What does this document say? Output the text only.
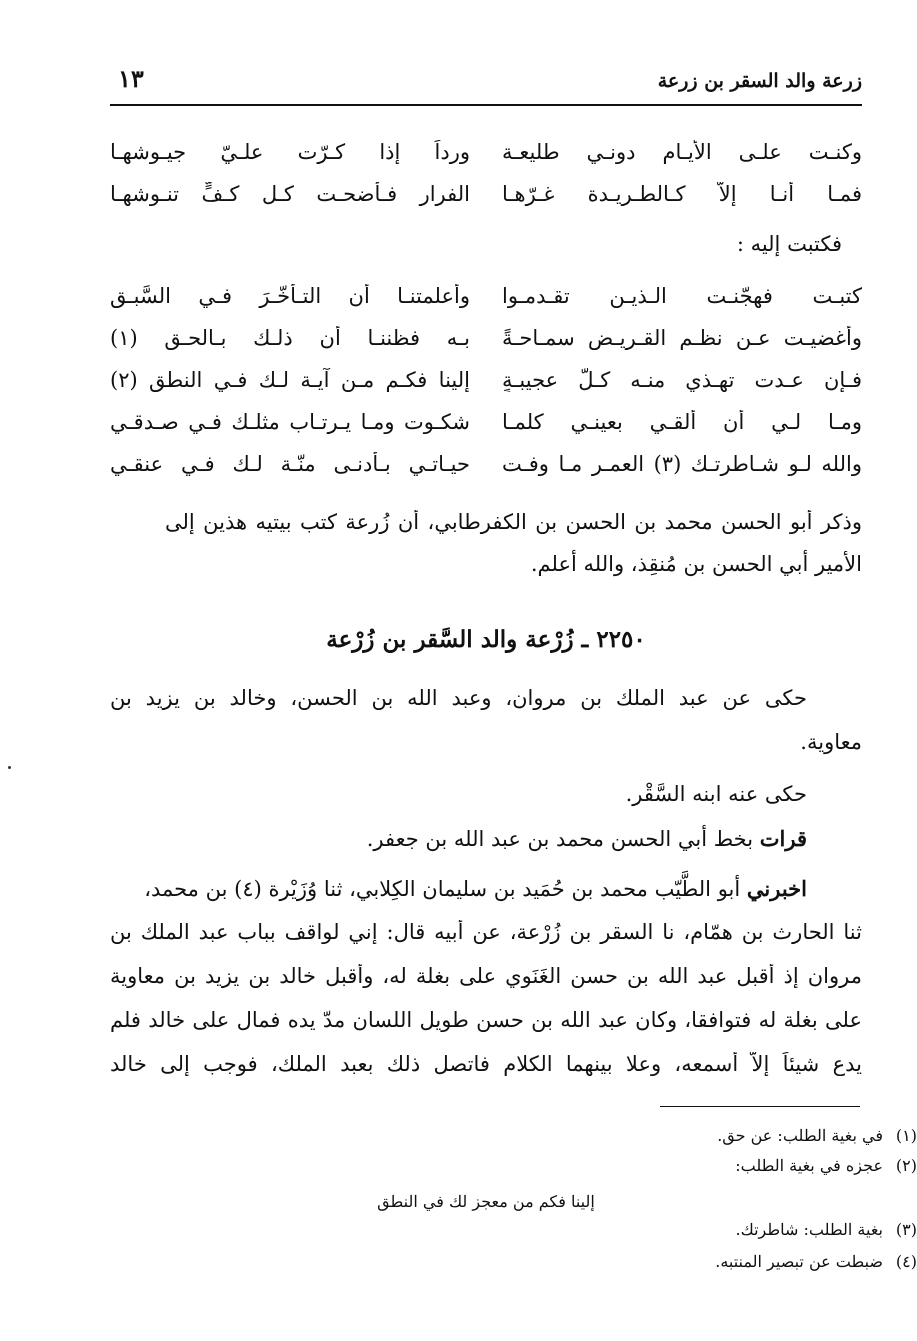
زرعة والد السقر بن زرعة
١٣
وكنـت علـى الأيـام دونـي طليعـة
ورداً إذا كـرّت علـيّ جيـوشهـا
فمـا أنـا إلاّ كـالطـريـدة غـرّهـا
الفرار فـأضحـت كـل كـفٍّ تنـوشهـا
فكتبت إليه :
كتبـت فهجّنـت الـذيـن تقـدمـوا
وأعلمتنـا أن التـأخّـرَ فـي السَّبـق
وأغضيـت عـن نظـم القـريـض سمـاحـةً
بـه فظننـا أن ذلـك بـالحـق (١)
فـإن عـدت تهـذي منـه كـلّ عجيبـةٍ
إلينا فكـم مـن آيـة لـك فـي النطق (٢)
ومـا لـي أن ألقـي بعينـي كلمـا
شكـوت ومـا يـرتـاب مثلـك فـي صـدقـي
والله لـو شـاطرتـك (٣) العمـر مـا وفـت
حيـاتـي بـأدنـى منّـة لـك فـي عنقـي
وذكر أبو الحسن محمد بن الحسن بن الكفرطابي، أن زُرعة كتب بيتيه هذين إلى
الأمير أبي الحسن بن مُنقِذ، والله أعلم.
٢٢٥٠ ـ زُرْعة والد السَّقر بن زُرْعة
حكى عن عبد الملك بن مروان، وعبد الله بن الحسن، وخالد بن يزيد بن
معاوية.
حكى عنه ابنه السَّقْر.
قرات بخط أبي الحسن محمد بن عبد الله بن جعفر.
اخبرني أبو الطَّيّب محمد بن حُمَيد بن سليمان الكِلابي، ثنا وُزَيْرة (٤) بن محمد،
ثنا الحارث بن همّام، نا السقر بن زُرْعة، عن أبيه قال: إني لواقف بباب عبد الملك بن
مروان إذ أقبل عبد الله بن حسن الغَنَوي على بغلة له، وأقبل خالد بن يزيد بن معاوية
على بغلة له فتوافقا، وكان عبد الله بن حسن طويل اللسان مدّ يده فمال على خالد فلم
يدع شيئاً إلاّ أسمعه، وعلا بينهما الكلام فاتصل ذلك بعبد الملك، فوجب إلى خالد
(١)في بغية الطلب: عن حق.
(٢)عجزه في بغية الطلب:
إلينا فكم من معجز لك في النطق
(٣)بغية الطلب: شاطرتك.
(٤)ضبطت عن تبصير المنتبه.
